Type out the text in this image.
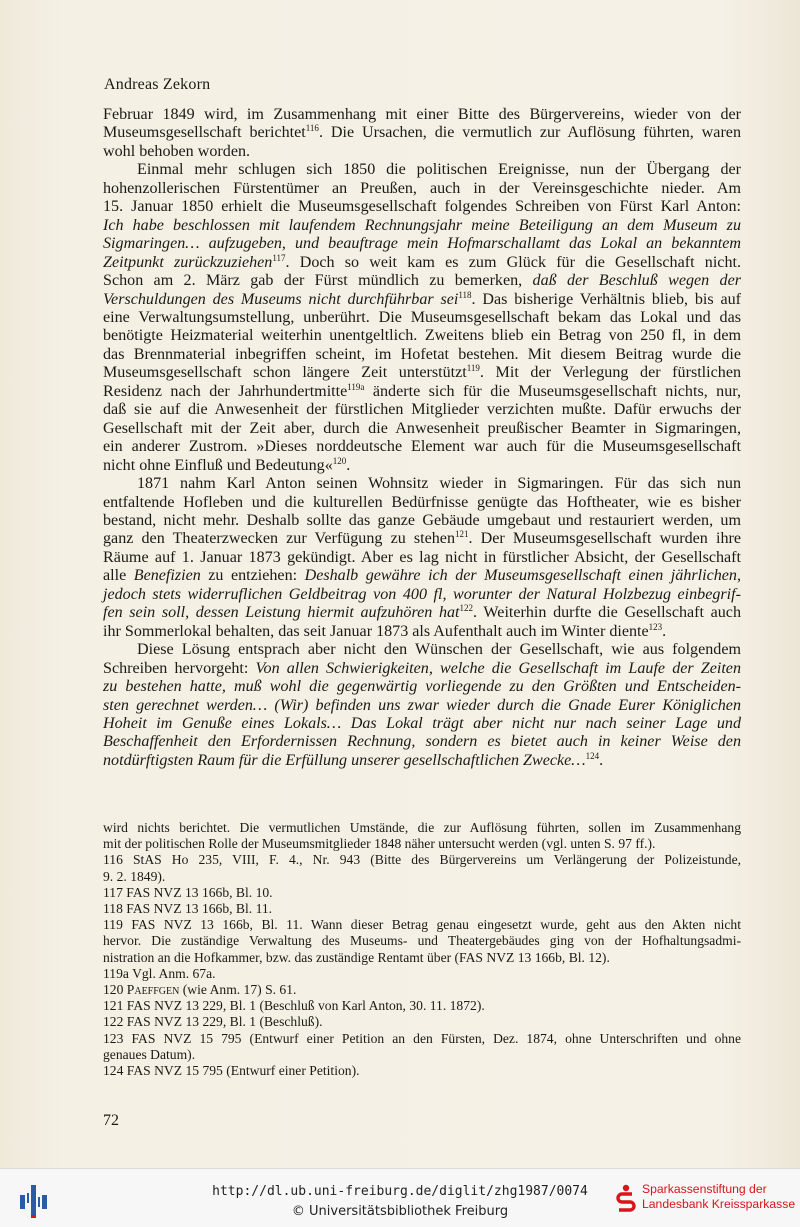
Andreas Zekorn

Februar 1849 wird, im Zusammenhang mit einer Bitte des Bürgervereins, wieder von der
Museumsgesellschaft berichtet$^{116}$. Die Ursachen, die vermutlich zur Auflösung führten, waren
wohl behoben worden.

Einmal mehr schlugen sich 1850 die politischen Ereignisse, nun der Übergang der
hohenzollerischen Fürstentümer an Preußen, auch in der Vereinsgeschichte nieder. Am
15. Januar 1850 erhielt die Museumsgesellschaft folgendes Schreiben von Fürst Karl Anton:
Ich habe beschlossen mit laufendem Rechnungsjahr meine Beteiligung an dem Museum zu
Sigmaringen… aufzugeben, und beauftrage mein Hofmarschallamt das Lokal an bekanntem
Zeitpunkt zurückzuziehen$^{117}$. Doch so weit kam es zum Glück für die Gesellschaft nicht.
Schon am 2. März gab der Fürst mündlich zu bemerken, daß der Beschluß wegen der
Verschuldungen des Museums nicht durchführbar sei$^{118}$. Das bisherige Verhältnis blieb, bis auf
eine Verwaltungsumstellung, unberührt. Die Museumsgesellschaft bekam das Lokal und das
benötigte Heizmaterial weiterhin unentgeltlich. Zweitens blieb ein Betrag von 250 fl, in dem
das Brennmaterial inbegriffen scheint, im Hofetat bestehen. Mit diesem Beitrag wurde die
Museumsgesellschaft schon längere Zeit unterstützt$^{119}$. Mit der Verlegung der fürstlichen
Residenz nach der Jahrhundertmitte$^{119a}$ änderte sich für die Museumsgesellschaft nichts, nur,
daß sie auf die Anwesenheit der fürstlichen Mitglieder verzichten mußte. Dafür erwuchs der
Gesellschaft mit der Zeit aber, durch die Anwesenheit preußischer Beamter in Sigmaringen,
ein anderer Zustrom. »Dieses norddeutsche Element war auch für die Museumsgesellschaft
nicht ohne Einfluß und Bedeutung«$^{120}$.

1871 nahm Karl Anton seinen Wohnsitz wieder in Sigmaringen. Für das sich nun
entfaltende Hofleben und die kulturellen Bedürfnisse genügte das Hoftheater, wie es bisher
bestand, nicht mehr. Deshalb sollte das ganze Gebäude umgebaut und restauriert werden, um
ganz den Theaterzwecken zur Verfügung zu stehen$^{121}$. Der Museumsgesellschaft wurden ihre
Räume auf 1. Januar 1873 gekündigt. Aber es lag nicht in fürstlicher Absicht, der Gesellschaft
alle Benefizien zu entziehen: Deshalb gewähre ich der Museumsgesellschaft einen jährlichen,
jedoch stets widerruflichen Geldbeitrag von 400 fl, worunter der Natural Holzbezug einbegrif-
fen sein soll, dessen Leistung hiermit aufzuhören hat$^{122}$. Weiterhin durfte die Gesellschaft auch
ihr Sommerlokal behalten, das seit Januar 1873 als Aufenthalt auch im Winter diente$^{123}$.

Diese Lösung entsprach aber nicht den Wünschen der Gesellschaft, wie aus folgendem
Schreiben hervorgeht: Von allen Schwierigkeiten, welche die Gesellschaft im Laufe der Zeiten
zu bestehen hatte, muß wohl die gegenwärtig vorliegende zu den Größten und Entscheiden-
sten gerechnet werden… (Wir) befinden uns zwar wieder durch die Gnade Eurer Königlichen
Hoheit im Genuße eines Lokals… Das Lokal trägt aber nicht nur nach seiner Lage und
Beschaffenheit den Erfordernissen Rechnung, sondern es bietet auch in keiner Weise den
notdürftigsten Raum für die Erfüllung unserer gesellschaftlichen Zwecke…$^{124}$.

wird nichts berichtet. Die vermutlichen Umstände, die zur Auflösung führten, sollen im Zusammenhang
mit der politischen Rolle der Museumsmitglieder 1848 näher untersucht werden (vgl. unten S. 97 ff.).
116 StAS Ho 235, VIII, F. 4., Nr. 943 (Bitte des Bürgervereins um Verlängerung der Polizeistunde,
9. 2. 1849).
117 FAS NVZ 13 166b, Bl. 10.
118 FAS NVZ 13 166b, Bl. 11.
119 FAS NVZ 13 166b, Bl. 11. Wann dieser Betrag genau eingesetzt wurde, geht aus den Akten nicht
hervor. Die zuständige Verwaltung des Museums- und Theatergebäudes ging von der Hofhaltungsadmi-
nistration an die Hofkammer, bzw. das zuständige Rentamt über (FAS NVZ 13 166b, Bl. 12).
119a Vgl. Anm. 67a.
120 Paeffgen (wie Anm. 17) S. 61.
121 FAS NVZ 13 229, Bl. 1 (Beschluß von Karl Anton, 30. 11. 1872).
122 FAS NVZ 13 229, Bl. 1 (Beschluß).
123 FAS NVZ 15 795 (Entwurf einer Petition an den Fürsten, Dez. 1874, ohne Unterschriften und ohne
genaues Datum).
124 FAS NVZ 15 795 (Entwurf einer Petition).
72
http://dl.ub.uni-freiburg.de/diglit/zhg1987/0074
© Universitätsbibliothek Freiburg
Sparkassenstiftung der
Landesbank Kreissparkasse
